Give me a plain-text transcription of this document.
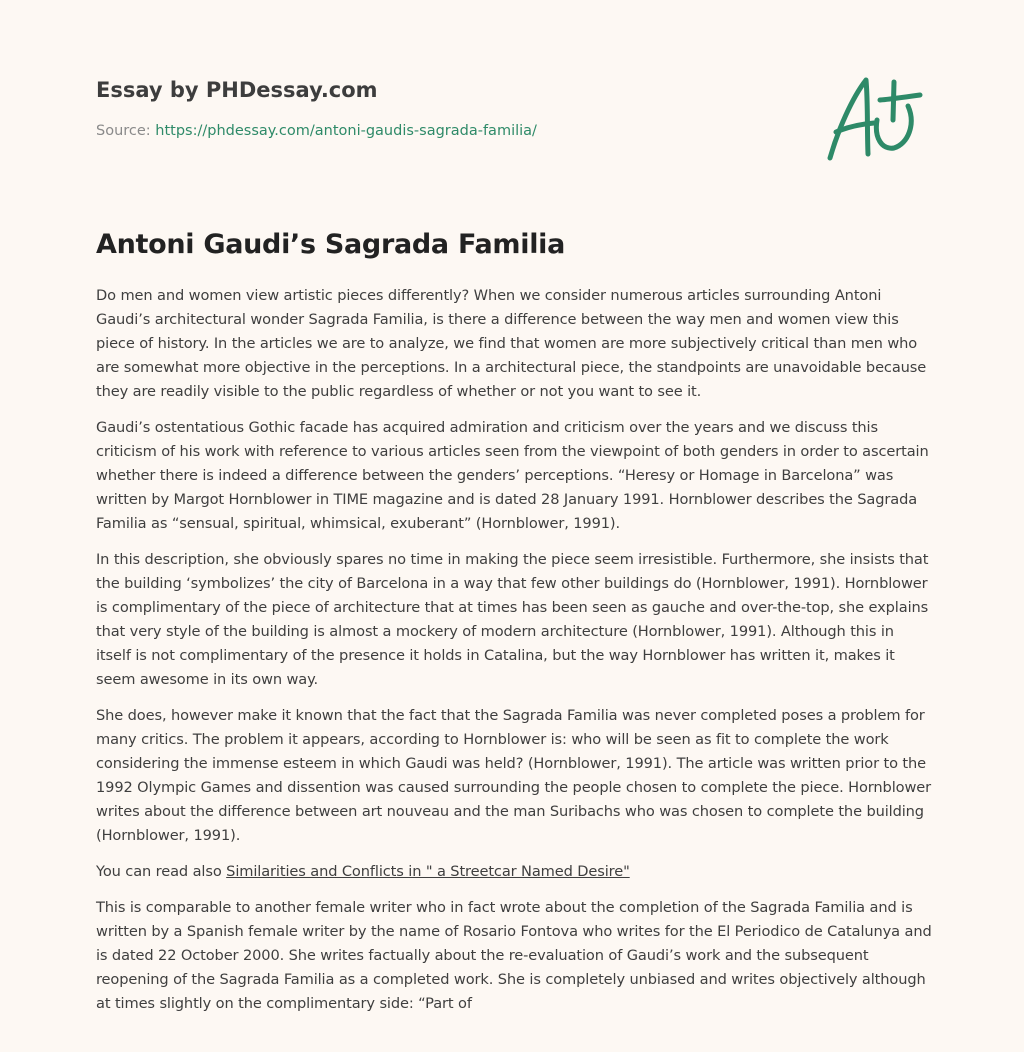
Essay by PHDessay.com
Source: https://phdessay.com/antoni-gaudis-sagrada-familia/
Antoni Gaudi’s Sagrada Familia

Do men and women view artistic pieces differently? When we consider numerous articles surrounding Antoni Gaudi’s architectural wonder Sagrada Familia, is there a difference between the way men and women view this piece of history. In the articles we are to analyze, we find that women are more subjectively critical than men who are somewhat more objective in the perceptions. In a architectural piece, the standpoints are unavoidable because they are readily visible to the public regardless of whether or not you want to see it.

Gaudi’s ostentatious Gothic facade has acquired admiration and criticism over the years and we discuss this criticism of his work with reference to various articles seen from the viewpoint of both genders in order to ascertain whether there is indeed a difference between the genders’ perceptions. “Heresy or Homage in Barcelona” was written by Margot Hornblower in TIME magazine and is dated 28 January 1991. Hornblower describes the Sagrada Familia as “sensual, spiritual, whimsical, exuberant” (Hornblower, 1991).

In this description, she obviously spares no time in making the piece seem irresistible. Furthermore, she insists that the building ‘symbolizes’ the city of Barcelona in a way that few other buildings do (Hornblower, 1991). Hornblower is complimentary of the piece of architecture that at times has been seen as gauche and over-the-top, she explains that very style of the building is almost a mockery of modern architecture (Hornblower, 1991). Although this in itself is not complimentary of the presence it holds in Catalina, but the way Hornblower has written it, makes it seem awesome in its own way.

She does, however make it known that the fact that the Sagrada Familia was never completed poses a problem for many critics. The problem it appears, according to Hornblower is: who will be seen as fit to complete the work considering the immense esteem in which Gaudi was held? (Hornblower, 1991). The article was written prior to the 1992 Olympic Games and dissention was caused surrounding the people chosen to complete the piece. Hornblower writes about the difference between art nouveau and the man Suribachs who was chosen to complete the building (Hornblower, 1991).

You can read also Similarities and Conflicts in " a Streetcar Named Desire"

This is comparable to another female writer who in fact wrote about the completion of the Sagrada Familia and is written by a Spanish female writer by the name of Rosario Fontova who writes for the El Periodico de Catalunya and is dated 22 October 2000. She writes factually about the re-evaluation of Gaudi’s work and the subsequent reopening of the Sagrada Familia as a completed work. She is completely unbiased and writes objectively although at times slightly on the complimentary side: “Part of
